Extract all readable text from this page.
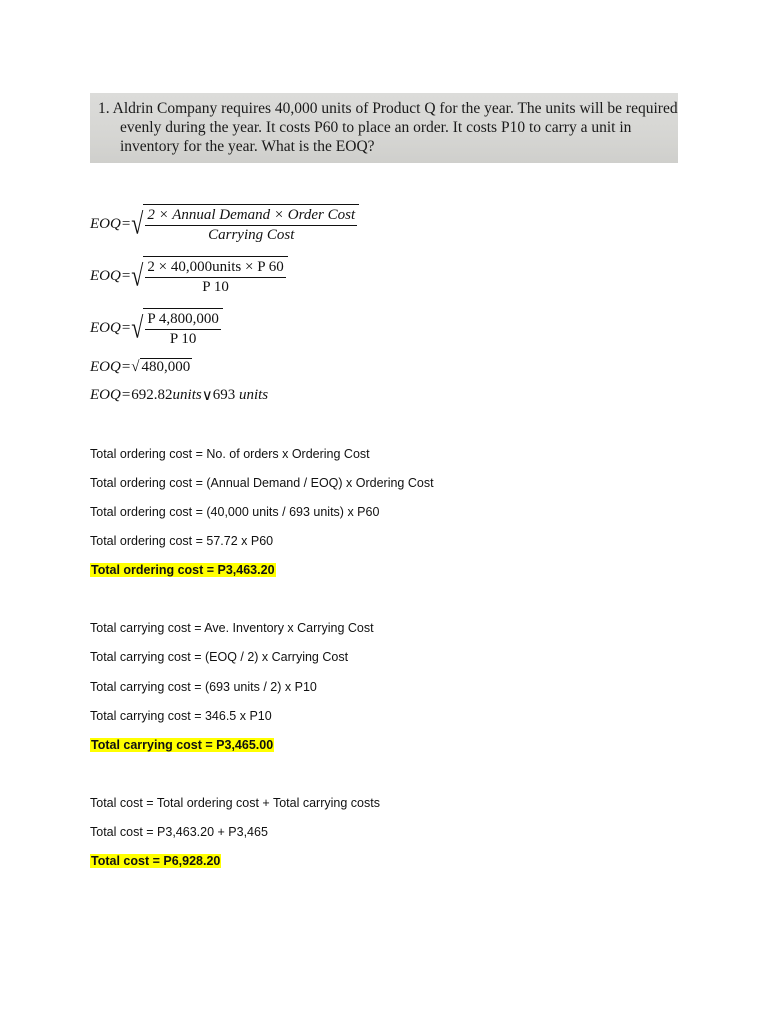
1. Aldrin Company requires 40,000 units of Product Q for the year. The units will be required
evenly during the year. It costs P60 to place an order. It costs P10 to carry a unit in
inventory for the year. What is the EOQ?
EOQ = √ $\frac{\text{2 × Annual Demand × Order Cost}}{\text{Carrying Cost}}$
EOQ = √ $\frac{\text{2 × 40,000units × P 60}}{P 10}$
EOQ = √ $\frac{P 4,800,000}{P 10}$
EOQ = √ 480,000
EOQ = 692.82 units ∨ 693
units
Total ordering cost = No. of orders x Ordering Cost
Total ordering cost = (Annual Demand / EOQ) x Ordering Cost
Total ordering cost = (40,000 units / 693 units) x P60
Total ordering cost = 57.72 x P60
Total ordering cost = P3,463.20
Total carrying cost = Ave. Inventory x Carrying Cost
Total carrying cost = (EOQ / 2) x Carrying Cost
Total carrying cost = (693 units / 2) x P10
Total carrying cost = 346.5 x P10
Total carrying cost = P3,465.00
Total cost = Total ordering cost + Total carrying costs
Total cost = P3,463.20 + P3,465
Total cost = P6,928.20
